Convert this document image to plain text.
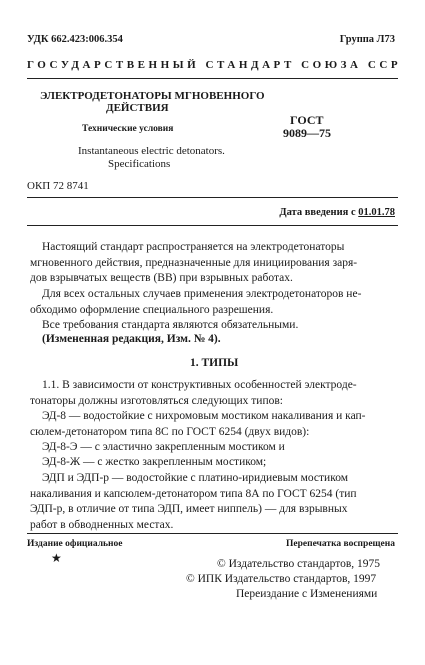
УДК 662.423:006.354	Группа Л73
ГОСУДАРСТВЕННЫЙ СТАНДАРТ СОЮЗА ССР
ЭЛЕКТРОДЕТОНАТОРЫ МГНОВЕННОГО
ДЕЙСТВИЯ
Технические условия
Instantaneous electric detonators.
Specifications
ГОСТ
9089—75
ОКП 72 8741
Дата введения с 01.01.78
Настоящий стандарт распространяется на электродетонаторы
мгновенного действия, предназначенные для инициирования заря-
дов взрывчатых веществ (ВВ) при взрывных работах.
Для всех остальных случаев применения электродетонаторов не-
обходимо оформление специального разрешения.
Все требования стандарта являются обязательными.
(Измененная редакция, Изм. № 4).
1. ТИПЫ
1.1. В зависимости от конструктивных особенностей электроде-
тонаторы должны изготовляться следующих типов:
ЭД-8 — водостойкие с нихромовым мостиком накаливания и кап-
сюлем-детонатором типа 8С по ГОСТ 6254 (двух видов):
ЭД-8-Э — с эластично закрепленным мостиком и
ЭД-8-Ж — с жестко закрепленным мостиком;
ЭДП и ЭДП-р — водостойкие с платино-иридиевым мостиком
накаливания и капсюлем-детонатором типа 8А по ГОСТ 6254 (тип
ЭДП-р, в отличие от типа ЭДП, имеет ниппель) — для взрывных
работ в обводненных местах.
Издание официальное	Перепечатка воспрещена
★	© Издательство стандартов, 1975
© ИПК Издательство стандартов, 1997
Переиздание с Изменениями
